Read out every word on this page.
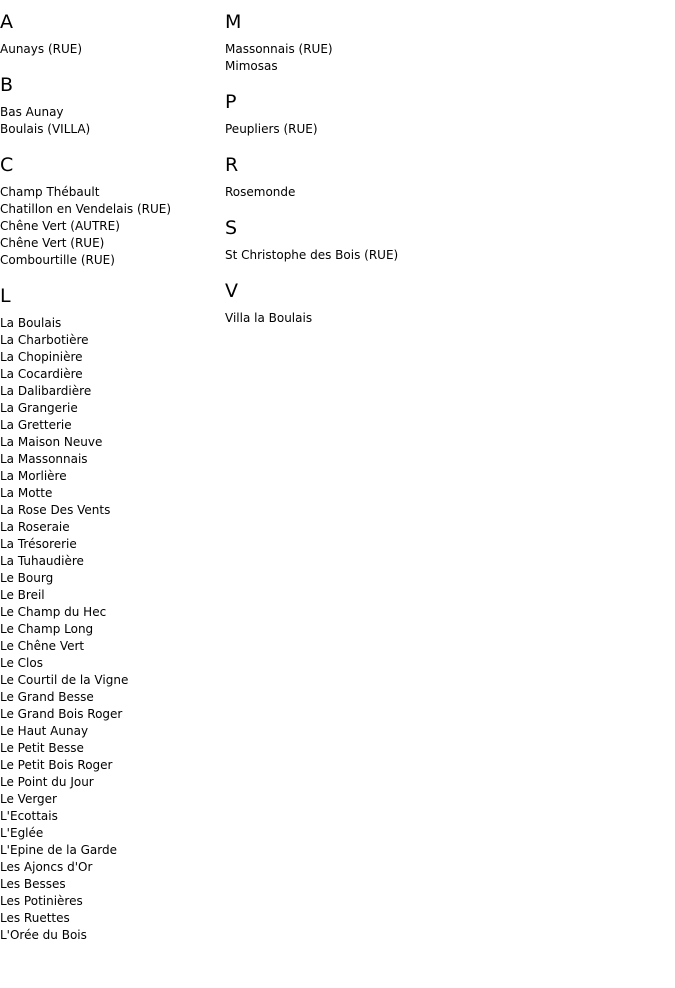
A
Aunays (RUE)
B
Bas Aunay
Boulais (VILLA)
C
Champ Thébault
Chatillon en Vendelais (RUE)
Chêne Vert (AUTRE)
Chêne Vert (RUE)
Combourtille (RUE)
L
La Boulais
La Charbotière
La Chopinière
La Cocardière
La Dalibardière
La Grangerie
La Gretterie
La Maison Neuve
La Massonnais
La Morlière
La Motte
La Rose Des Vents
La Roseraie
La Trésorerie
La Tuhaudière
Le Bourg
Le Breil
Le Champ du Hec
Le Champ Long
Le Chêne Vert
Le Clos
Le Courtil de la Vigne
Le Grand Besse
Le Grand Bois Roger
Le Haut Aunay
Le Petit Besse
Le Petit Bois Roger
Le Point du Jour
Le Verger
L'Ecottais
L'Eglée
L'Epine de la Garde
Les Ajoncs d'Or
Les Besses
Les Potinières
Les Ruettes
L'Orée du Bois
M
Massonnais (RUE)
Mimosas
P
Peupliers (RUE)
R
Rosemonde
S
St Christophe des Bois (RUE)
V
Villa la Boulais
